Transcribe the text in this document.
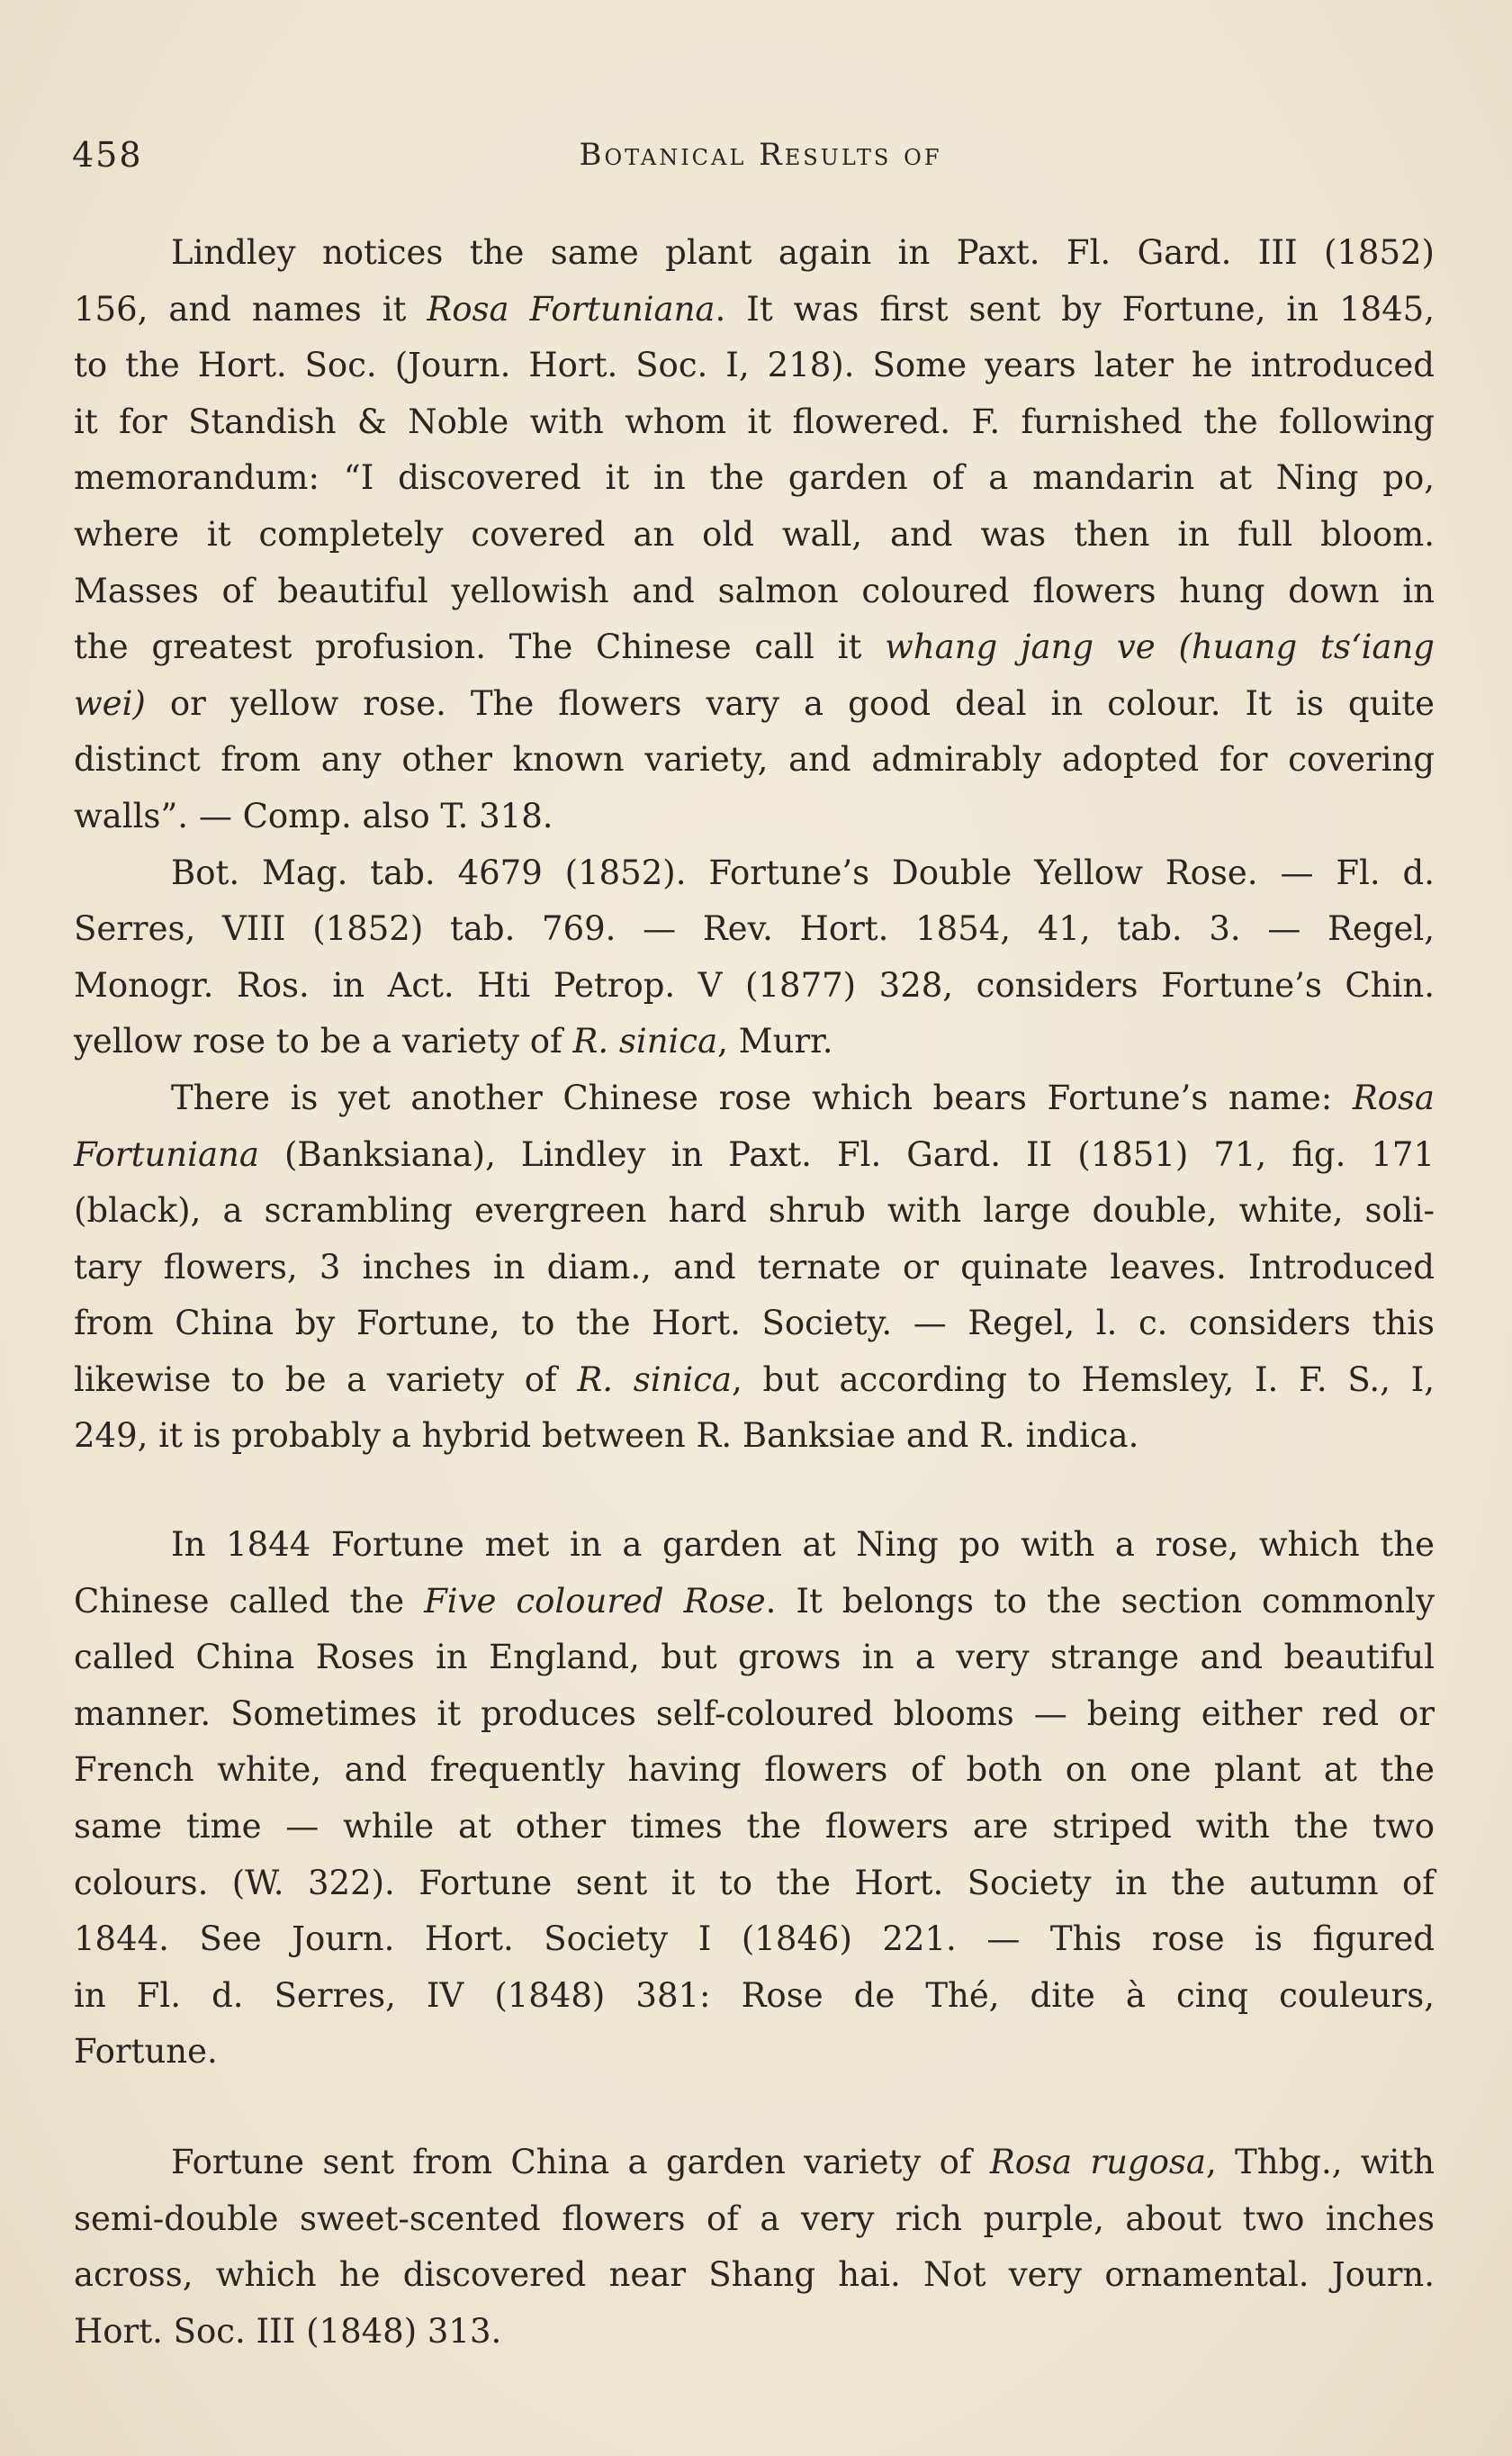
458	Botanical Results of
Lindley notices the same plant again in Paxt. Fl. Gard. III (1852)
156, and names it Rosa Fortuniana. It was first sent by Fortune, in 1845,
to the Hort. Soc. (Journ. Hort. Soc. I, 218). Some years later he introduced
it for Standish & Noble with whom it flowered. F. furnished the following
memorandum: “I discovered it in the garden of a mandarin at Ning po,
where it completely covered an old wall, and was then in full bloom.
Masses of beautiful yellowish and salmon coloured flowers hung down in
the greatest profusion. The Chinese call it whang jang ve (huang tsʻiang
wei) or yellow rose. The flowers vary a good deal in colour. It is quite
distinct from any other known variety, and admirably adopted for covering
walls”. — Comp. also T. 318.
Bot. Mag. tab. 4679 (1852). Fortune’s Double Yellow Rose. — Fl. d.
Serres, VIII (1852) tab. 769. — Rev. Hort. 1854, 41, tab. 3. — Regel,
Monogr. Ros. in Act. Hti Petrop. V (1877) 328, considers Fortune’s Chin.
yellow rose to be a variety of R. sinica, Murr.
There is yet another Chinese rose which bears Fortune’s name: Rosa
Fortuniana (Banksiana), Lindley in Paxt. Fl. Gard. II (1851) 71, fig. 171
(black), a scrambling evergreen hard shrub with large double, white, soli-
tary flowers, 3 inches in diam., and ternate or quinate leaves. Introduced
from China by Fortune, to the Hort. Society. — Regel, l. c. considers this
likewise to be a variety of R. sinica, but according to Hemsley, I. F. S., I,
249, it is probably a hybrid between R. Banksiae and R. indica.
In 1844 Fortune met in a garden at Ning po with a rose, which the
Chinese called the Five coloured Rose. It belongs to the section commonly
called China Roses in England, but grows in a very strange and beautiful
manner. Sometimes it produces self-coloured blooms — being either red or
French white, and frequently having flowers of both on one plant at the
same time — while at other times the flowers are striped with the two
colours. (W. 322). Fortune sent it to the Hort. Society in the autumn of
1844. See Journ. Hort. Society I (1846) 221. — This rose is figured
in Fl. d. Serres, IV (1848) 381: Rose de Thé, dite à cinq couleurs,
Fortune.
Fortune sent from China a garden variety of Rosa rugosa, Thbg., with
semi-double sweet-scented flowers of a very rich purple, about two inches
across, which he discovered near Shang hai. Not very ornamental. Journ.
Hort. Soc. III (1848) 313.
